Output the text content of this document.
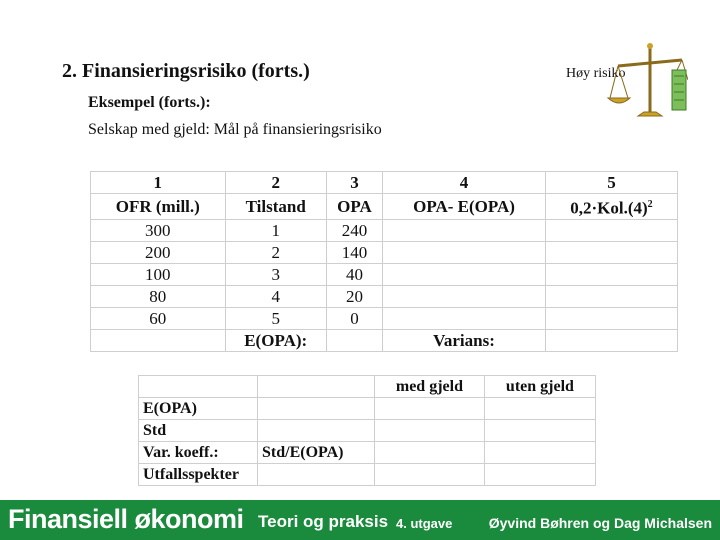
2. Finansieringsrisiko (forts.)
Eksempel (forts.):
Selskap med gjeld: Mål på finansieringsrisiko
Høy risiko
1	2	3	4	5
OFR (mill.)	Tilstand	OPA	OPA- E(OPA)	$0,2\cdot Kol.(4)^2$
300	1	240		
200	2	140		
100	3	40		
80	4	20		
60	5	0		
	E(OPA):		Varians:	
		med gjeld	uten gjeld
E(OPA)			
Std			
Var. koeff.:	Std/E(OPA)		
Utfallsspekter			
Finansiell økonomi Teori og praksis 4. utgave	Øyvind Bøhren og Dag Michalsen
